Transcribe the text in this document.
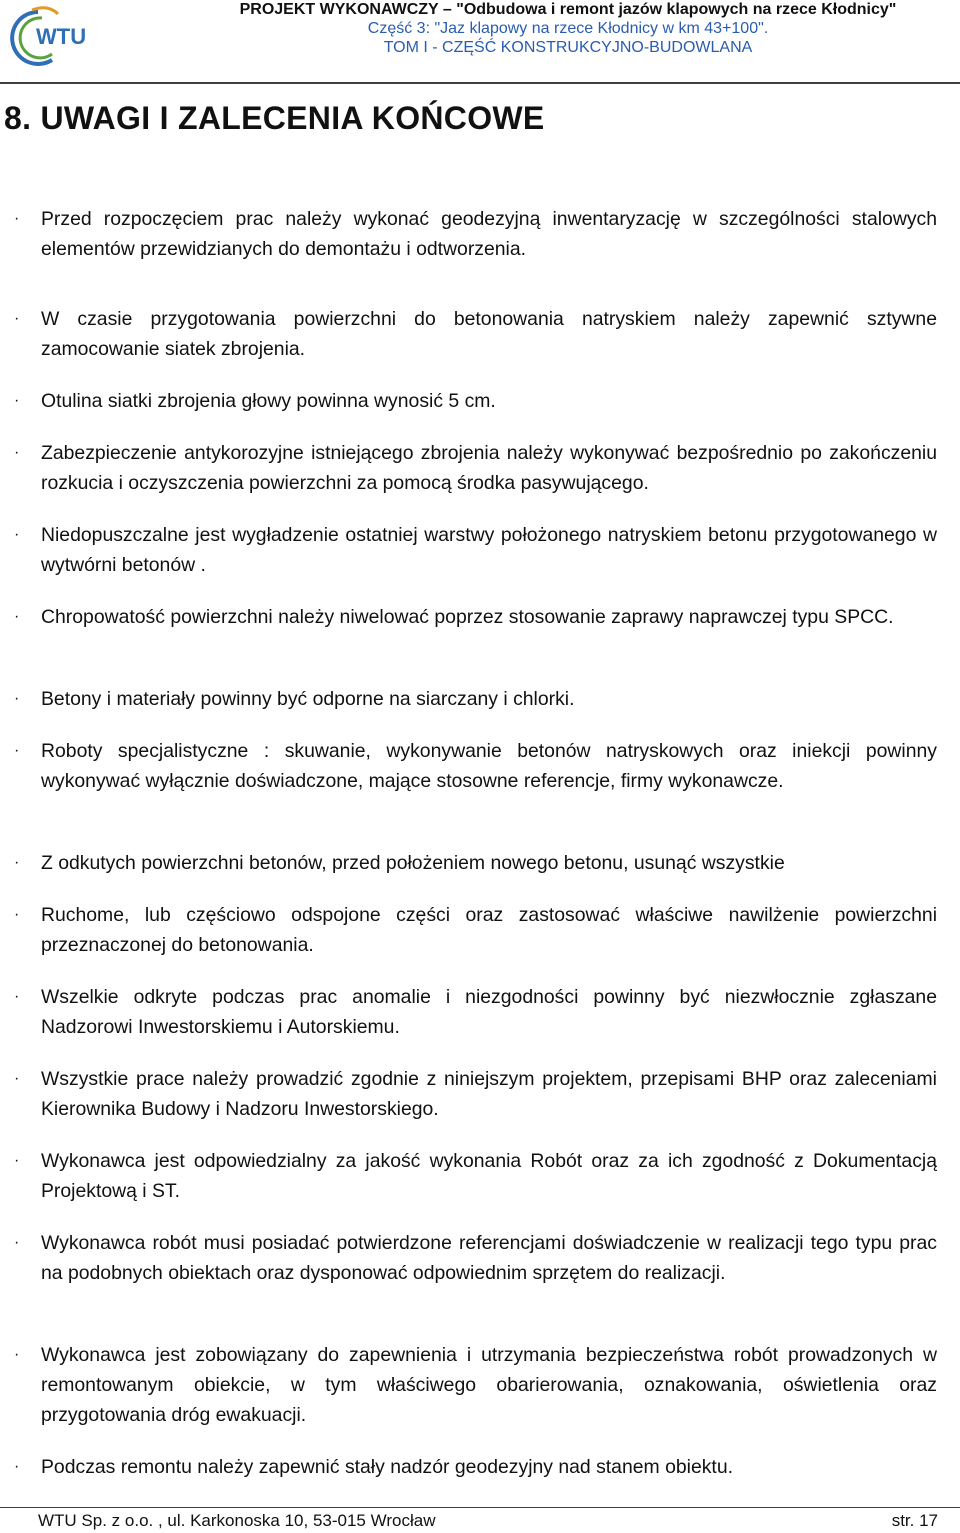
WTU
PROJEKT WYKONAWCZY – "Odbudowa i remont jazów klapowych na rzece Kłodnicy"
Część 3: "Jaz klapowy na rzece Kłodnicy w km 43+100".
TOM I - CZĘŚĆ KONSTRUKCYJNO-BUDOWLANA
8. UWAGI I ZALECENIA KOŃCOWE
· Przed rozpoczęciem prac należy wykonać geodezyjną inwentaryzację w szczególności stalowych elementów przewidzianych do demontażu i odtworzenia.
· W czasie przygotowania powierzchni do betonowania natryskiem należy zapewnić sztywne zamocowanie siatek zbrojenia.
· Otulina siatki zbrojenia głowy powinna wynosić 5 cm.
· Zabezpieczenie antykorozyjne istniejącego zbrojenia należy wykonywać bezpośrednio po zakończeniu rozkucia i oczyszczenia powierzchni za pomocą środka pasywującego.
· Niedopuszczalne jest wygładzenie ostatniej warstwy położonego natryskiem betonu przygotowanego w wytwórni betonów .
· Chropowatość powierzchni należy niwelować poprzez stosowanie zaprawy naprawczej typu SPCC.
· Betony i materiały powinny być odporne na siarczany i chlorki.
· Roboty specjalistyczne : skuwanie, wykonywanie betonów natryskowych oraz iniekcji powinny wykonywać wyłącznie doświadczone, mające stosowne referencje, firmy wykonawcze.
· Z odkutych powierzchni betonów, przed położeniem nowego betonu, usunąć wszystkie
· Ruchome, lub częściowo odspojone części oraz zastosować właściwe nawilżenie powierzchni przeznaczonej do betonowania.
· Wszelkie odkryte podczas prac anomalie i niezgodności powinny być niezwłocznie zgłaszane Nadzorowi Inwestorskiemu i Autorskiemu.
· Wszystkie prace należy prowadzić zgodnie z niniejszym projektem, przepisami BHP oraz zaleceniami Kierownika Budowy i Nadzoru Inwestorskiego.
· Wykonawca jest odpowiedzialny za jakość wykonania Robót oraz za ich zgodność z Dokumentacją Projektową i ST.
· Wykonawca robót musi posiadać potwierdzone referencjami doświadczenie w realizacji tego typu prac na podobnych obiektach oraz dysponować odpowiednim sprzętem do realizacji.
· Wykonawca jest zobowiązany do zapewnienia i utrzymania bezpieczeństwa robót prowadzonych w remontowanym obiekcie, w tym właściwego obarierowania, oznakowania, oświetlenia oraz przygotowania dróg ewakuacji.
· Podczas remontu należy zapewnić stały nadzór geodezyjny nad stanem obiektu.
WTU Sp. z o.o. , ul. Karkonoska 10, 53-015 Wrocław	str. 17
